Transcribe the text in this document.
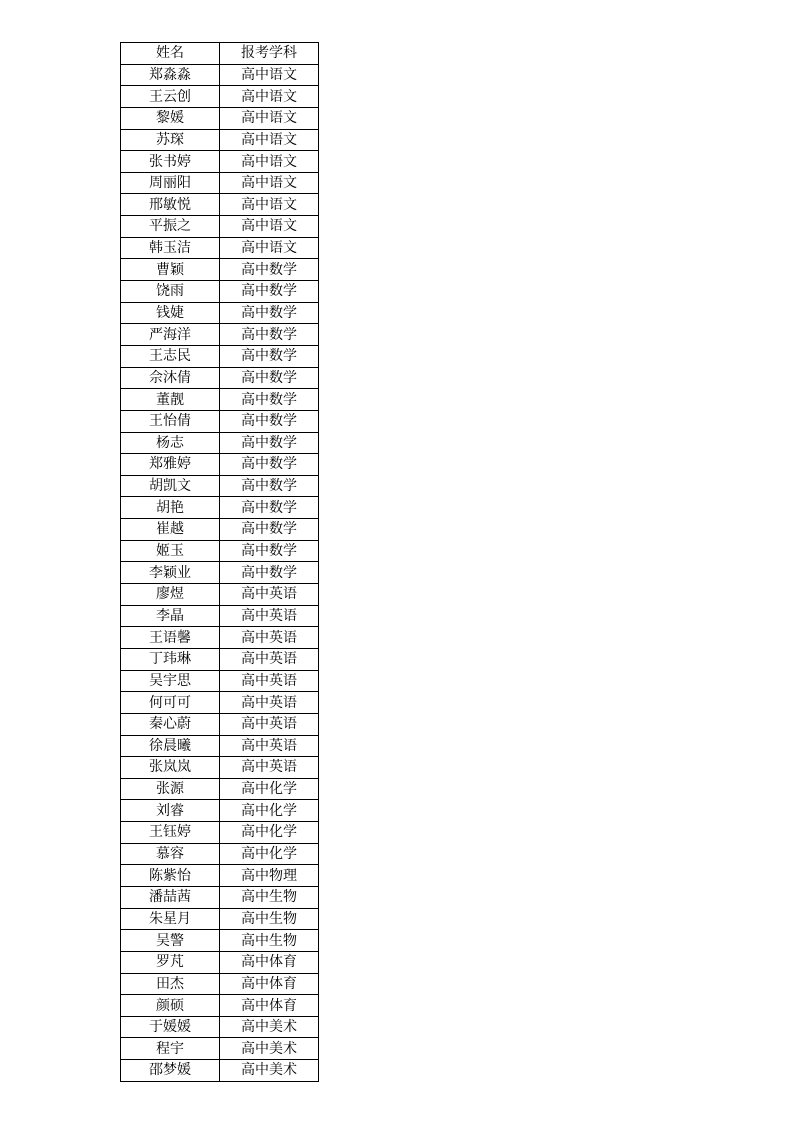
姓名	报考学科
郑淼淼	高中语文
王云创	高中语文
黎媛	高中语文
苏琛	高中语文
张书婷	高中语文
周丽阳	高中语文
邢敏悦	高中语文
平振之	高中语文
韩玉洁	高中语文
曹颖	高中数学
饶雨	高中数学
钱婕	高中数学
严海洋	高中数学
王志民	高中数学
佘沐倩	高中数学
董靓	高中数学
王怡倩	高中数学
杨志	高中数学
郑雅婷	高中数学
胡凯文	高中数学
胡艳	高中数学
崔越	高中数学
姬玉	高中数学
李颖业	高中数学
廖煜	高中英语
李晶	高中英语
王语馨	高中英语
丁玮琳	高中英语
吴宇思	高中英语
何可可	高中英语
秦心蔚	高中英语
徐晨曦	高中英语
张岚岚	高中英语
张源	高中化学
刘睿	高中化学
王钰婷	高中化学
慕容	高中化学
陈紫怡	高中物理
潘喆茜	高中生物
朱星月	高中生物
吴警	高中生物
罗芃	高中体育
田杰	高中体育
颜硕	高中体育
于媛媛	高中美术
程宇	高中美术
邵梦媛	高中美术
